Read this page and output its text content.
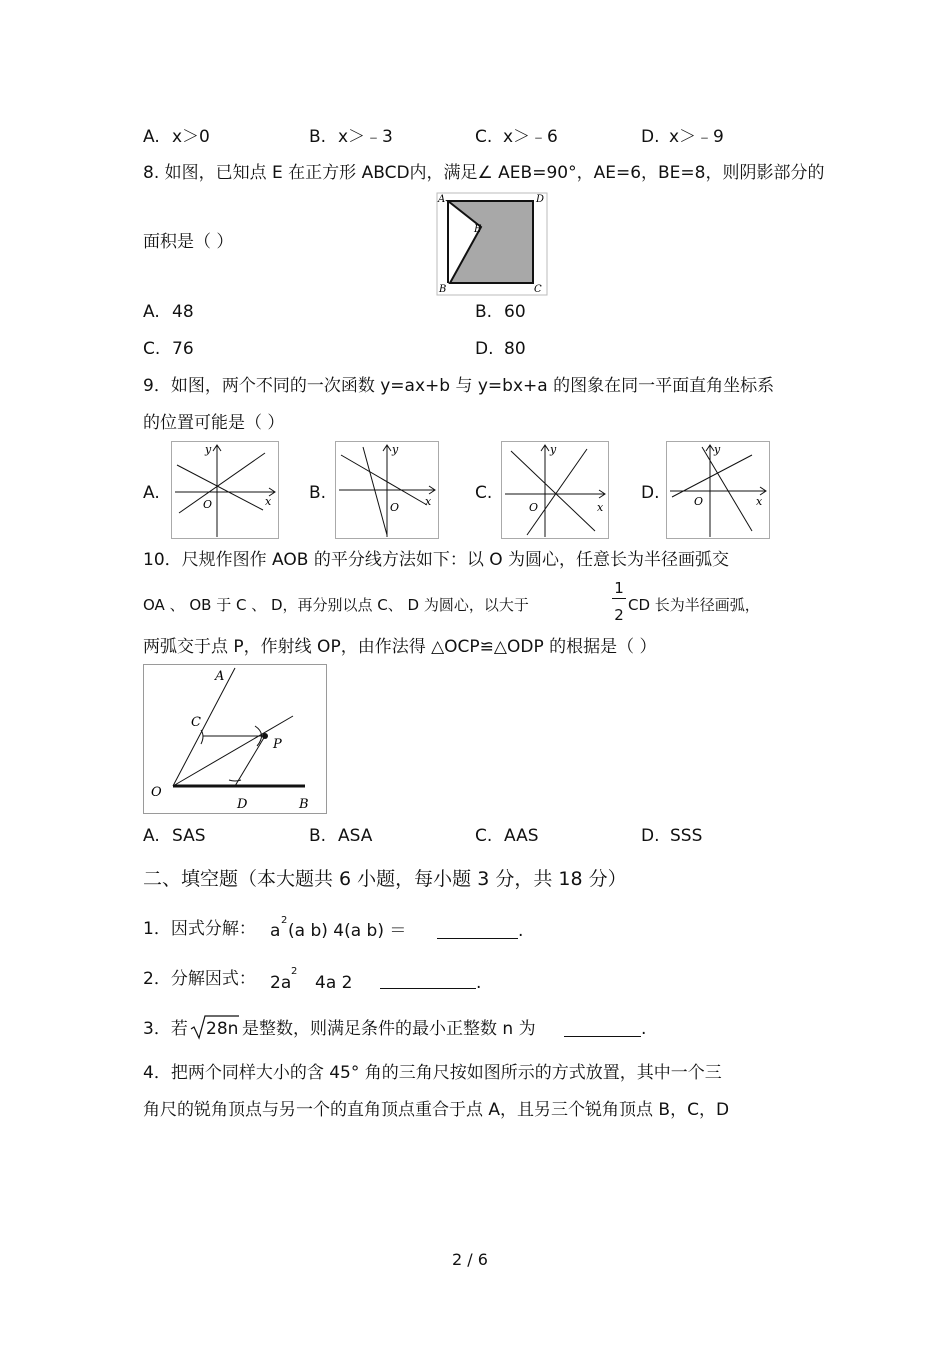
A. x＞0	B. x＞﹣3	C. x＞﹣6	D. x＞﹣9
8. 如图，已知点 E 在正方形 ABCD内，满足∠ AEB=90°，AE=6，BE=8，则阴影部分的
A	D
E
B	C
面积是（ ）
A. 48	B. 60
C. 76	D. 80
9．如图，两个不同的一次函数 y=ax+b 与 y=bx+a 的图象在同一平面直角坐标系
的位置可能是（ ）
A.
y
x
O
B.
y
x
O
C.
y
x
O
D.
y
x
O
10．尺规作图作 AOB 的平分线方法如下：以 O 为圆心，任意长为半径画弧交
OA 、 OB 于 C 、 D，再分别以点 C、 D 为圆心，以大于
1
2
CD 长为半径画弧，
两弧交于点 P，作射线 OP，由作法得 △OCP≌△ODP 的根据是（ ）
A
C
P
O
D	B
A. SAS	B. ASA	C. AAS	D. SSS
二、填空题（本大题共 6 小题，每小题 3 分，共 18 分）
1．因式分解： a
2
(a b) 4(a b) ＝	.
2．分解因式： 2a
2
4a 2	.
3．若 28n 是整数，则满足条件的最小正整数 n 为	.
4．把两个同样大小的含 45° 角的三角尺按如图所示的方式放置，其中一个三
角尺的锐角顶点与另一个的直角顶点重合于点 A，且另三个锐角顶点 B，C，D
2 / 6
